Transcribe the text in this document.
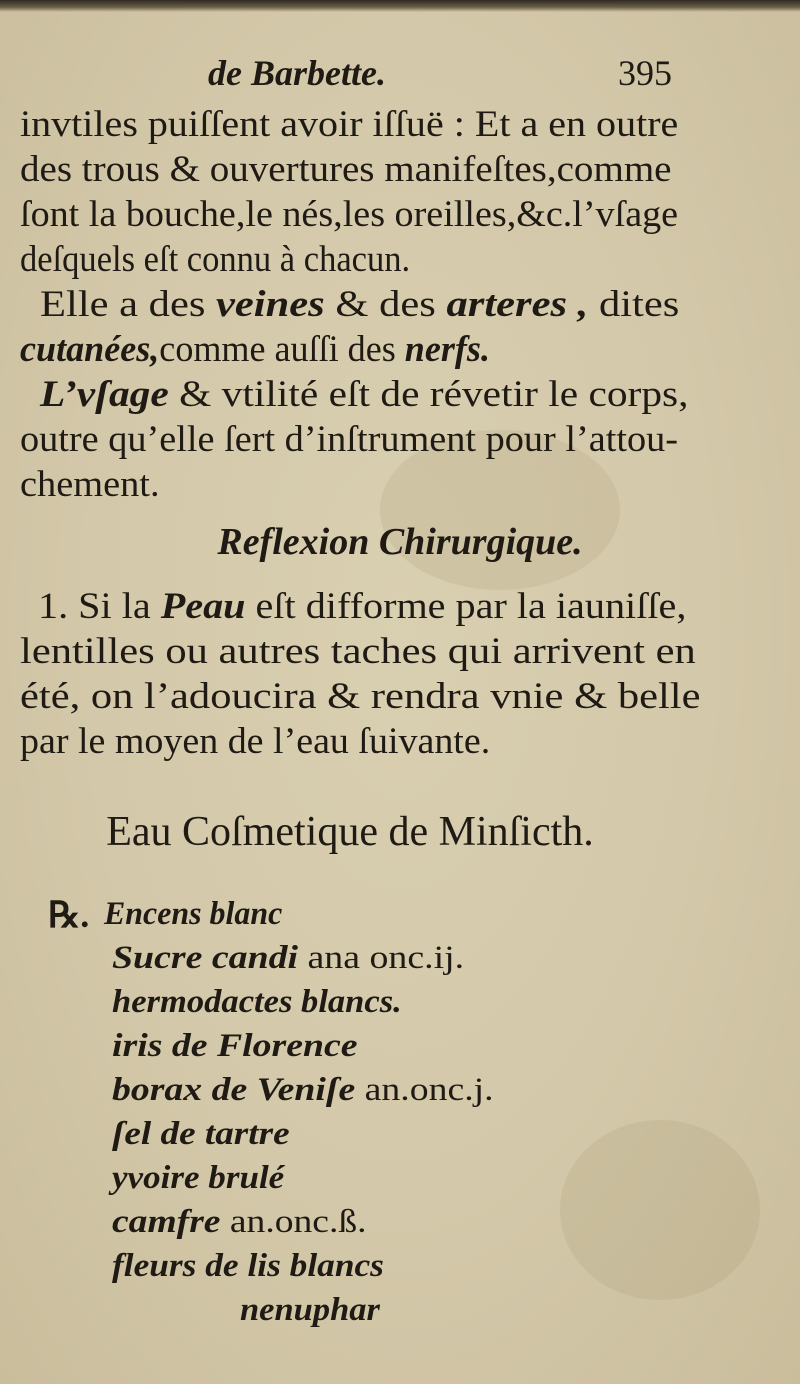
de Barbette.	395
invtiles puiſſent avoir iſſuë : Et a en outre
des trous & ouvertures manifeſtes,comme
ſont la bouche,le nés,les oreilles,&c.l’vſage
deſquels eſt connu à chacun.
Elle a des veines & des arteres , dites
cutanées,comme auſſi des nerfs.
L’vſage & vtilité eſt de révetir le corps,
outre qu’elle ſert d’inſtrument pour l’attou-
chement.
Reflexion Chirurgique.
1. Si la Peau eſt difforme par la iauniſſe,
lentilles ou autres taches qui arrivent en
été, on l’adoucira & rendra vnie & belle
par le moyen de l’eau ſuivante.
Eau Coſmetique de Minſicth.
℞. Encens blanc
Sucre candi ana onc.ij.
hermodactes blancs.
iris de Florence
borax de Veniſe an.onc.j.
ſel de tartre
yvoire brulé
camfre an.onc.ß.
fleurs de lis blancs
nenuphar
